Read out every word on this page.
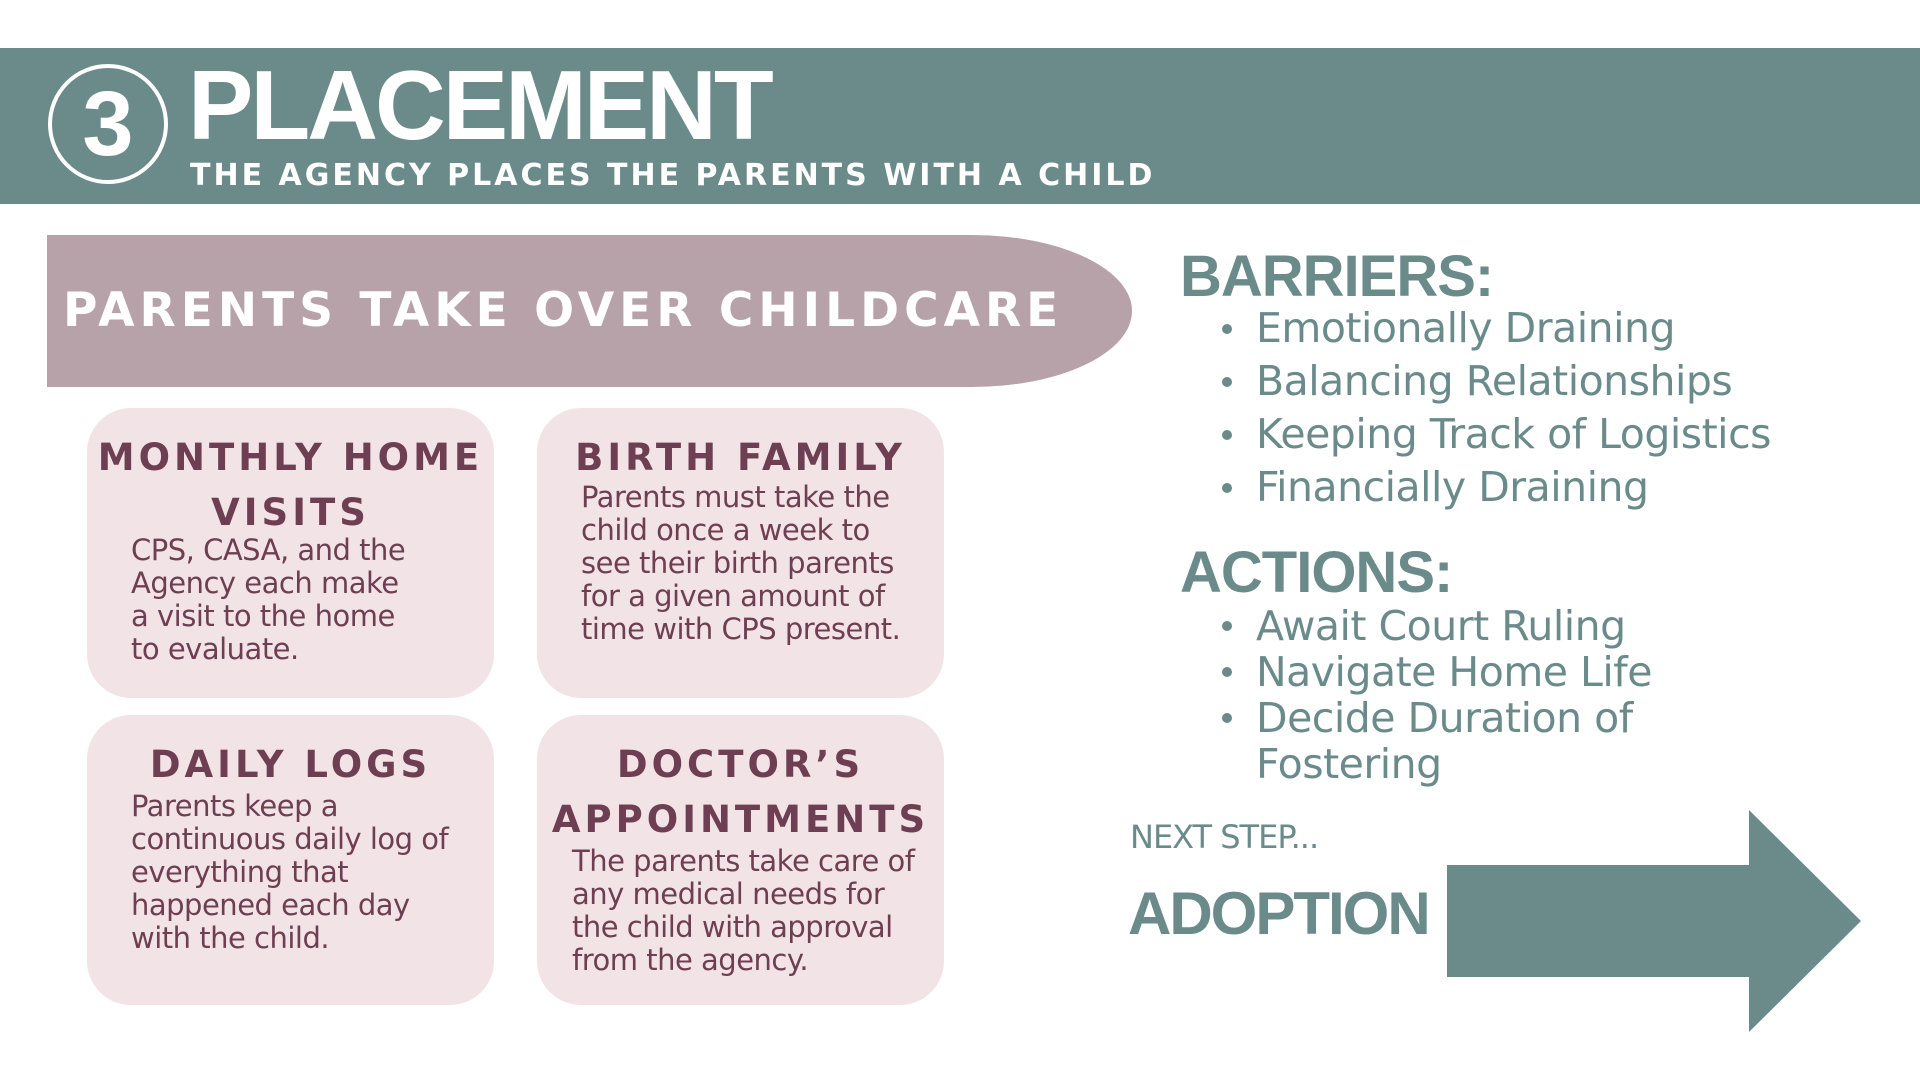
3 PLACEMENT
THE AGENCY PLACES THE PARENTS WITH A CHILD
PARENTS TAKE OVER CHILDCARE
MONTHLY HOME
VISITS
CPS, CASA, and the
Agency each make
a visit to the home
to evaluate.
BIRTH FAMILY
Parents must take the
child once a week to
see their birth parents
for a given amount of
time with CPS present.
DAILY LOGS
Parents keep a
continuous daily log of
everything that
happened each day
with the child.
DOCTOR’S
APPOINTMENTS
The parents take care of
any medical needs for
the child with approval
from the agency.
BARRIERS:
Emotionally Draining
Balancing Relationships
Keeping Track of Logistics
Financially Draining
ACTIONS:
Await Court Ruling
Navigate Home Life
Decide Duration of
Fostering
NEXT STEP...
ADOPTION
